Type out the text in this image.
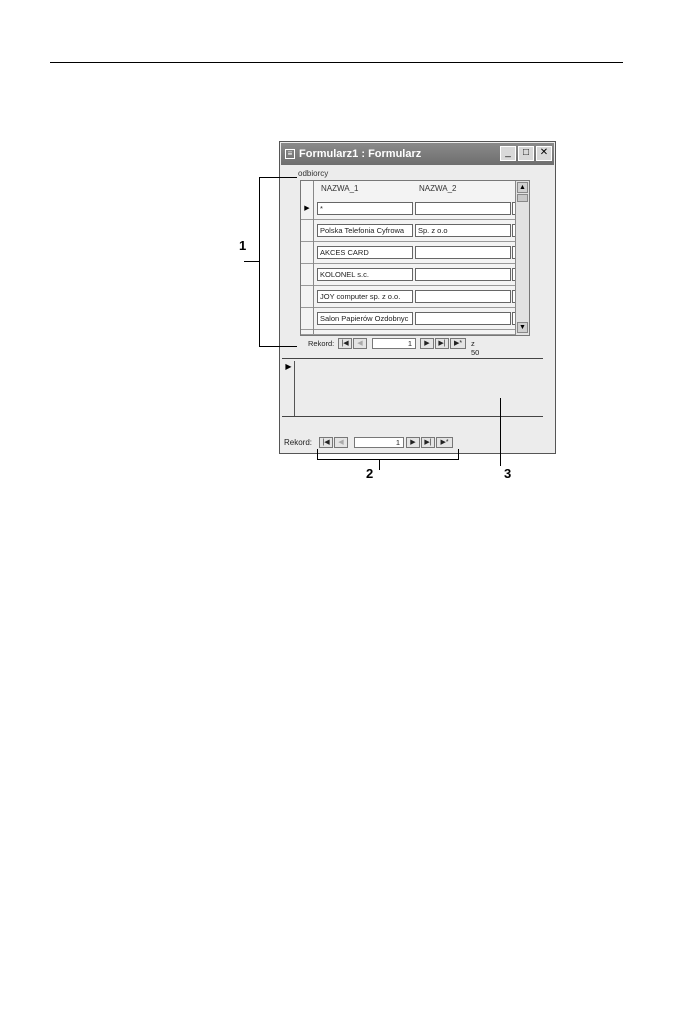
≡ Formularz1 : Formularz	_	□	✕
odbiorcy
NAZWA_1	NAZWA_2
▶	*
Polska Telefonia Cyfrowa	Sp. z o.o
AKCES CARD
KOLONEL s.c.
JOY computer sp. z o.o.
Salon Papierów Ozdobnyc
▲
▼
Rekord:	|◀	◀	1	▶	▶|	▶*	z 50
▶
Rekord:	|◀	◀	1	▶	▶|	▶*
1
2	3
